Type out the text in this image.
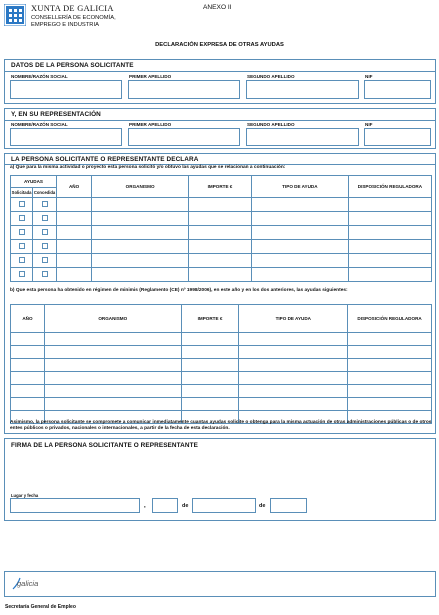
XUNTA DE GALICIA
CONSELLERÍA DE ECONOMÍA,
EMPREGO E INDUSTRIA
ANEXO II
DECLARACIÓN EXPRESA DE OTRAS AYUDAS
DATOS DE LA PERSONA SOLICITANTE
NOMBRE/RAZÓN SOCIAL	PRIMER APELLIDO	SEGUNDO APELLIDO	NIF
Y, EN SU REPRESENTACIÓN
NOMBRE/RAZÓN SOCIAL	PRIMER APELLIDO	SEGUNDO APELLIDO	NIF
LA PERSONA SOLICITANTE O REPRESENTANTE DECLARA
a) Que para la misma actividad o proyecto esta persona solicitó y/o obtuvo las ayudas que se relacionan a continuación:
AYUDAS		AÑO	ORGANISMO	IMPORTE €	TIPO DE AYUDA	DISPOSICIÓN REGULADORA
Solicitada	Concedida					

b) Que esta persona ha obtenido en régimen de minimis (Reglamento (CE) nº 1998/2006), en este año y en los dos anteriores, las ayudas siguientes:
AÑO	ORGANISMO	IMPORTE €	TIPO DE AYUDA	DISPOSICIÓN REGULADORA

Asimismo, la persona solicitante se compromete a comunicar inmediatamente cuantas ayudas solicite o obtenga para la misma actuación de otras administraciones públicas o de otros entes públicos o privados, nacionales o internacionales, a partir de la fecha de esta declaración.
FIRMA DE LA PERSONA SOLICITANTE O REPRESENTANTE
Lugar y fecha
,	de	de
galicia
Secretaría General de Empleo
